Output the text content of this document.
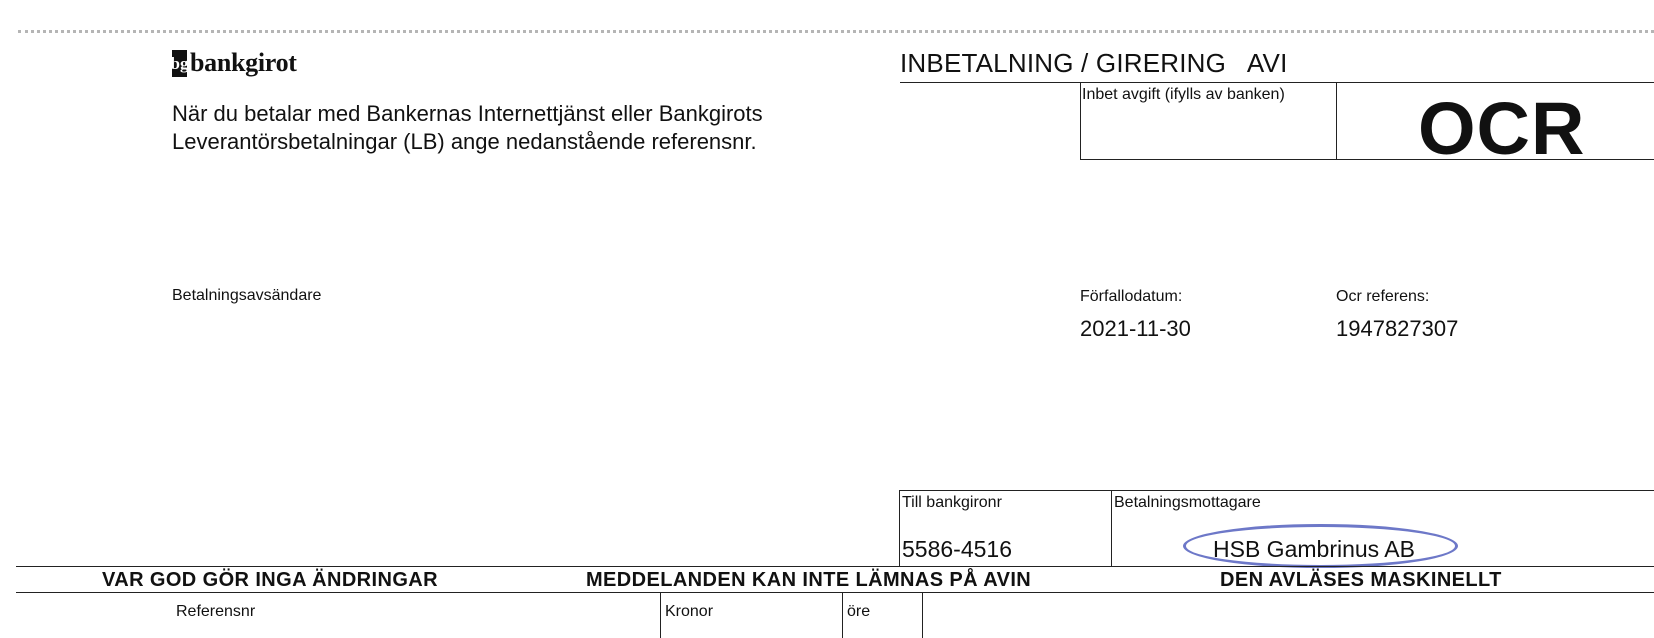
bg bankgirot	INBETALNING / GIRERING   AVI
När du betalar med Bankernas Internettjänst eller Bankgirots
Leverantörsbetalningar (LB) ange nedanstående referensnr.
Inbet avgift (ifylls av banken) OCR
Betalningsavsändare	Förfallodatum:
2021-11-30
Ocr referens:
1947827307
Till bankgironr	Betalningsmottagare
5586-4516	HSB Gambrinus AB
VAR GOD GÖR INGA ÄNDRINGAR	MEDDELANDEN KAN INTE LÄMNAS PÅ AVIN	DEN AVLÄSES MASKINELLT
Referensnr	Kronor	öre
